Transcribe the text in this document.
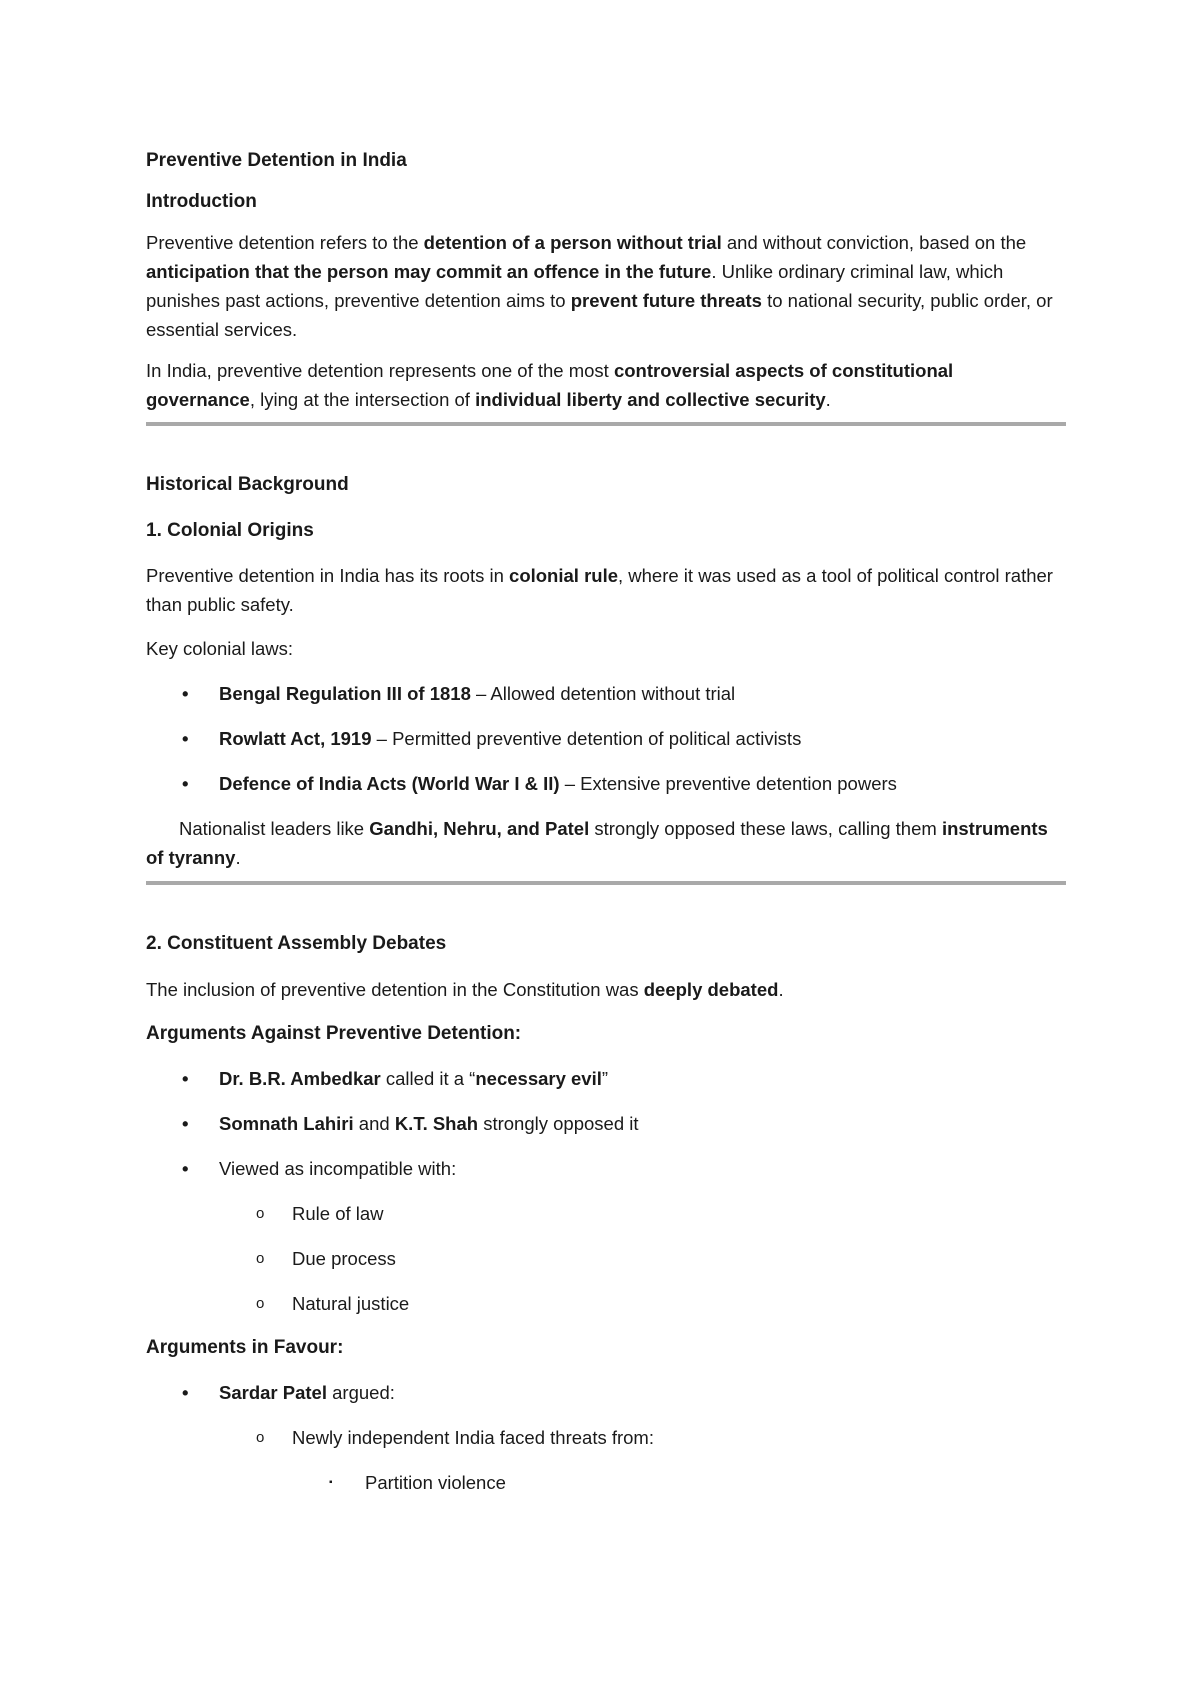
Preventive Detention in India

Introduction

Preventive detention refers to the detention of a person without trial and without conviction, based on the anticipation that the person may commit an offence in the future. Unlike ordinary criminal law, which punishes past actions, preventive detention aims to prevent future threats to national security, public order, or essential services.

In India, preventive detention represents one of the most controversial aspects of constitutional governance, lying at the intersection of individual liberty and collective security.

Historical Background

1. Colonial Origins

Preventive detention in India has its roots in colonial rule, where it was used as a tool of political control rather than public safety.

Key colonial laws:

• Bengal Regulation III of 1818 – Allowed detention without trial
• Rowlatt Act, 1919 – Permitted preventive detention of political activists
• Defence of India Acts (World War I & II) – Extensive preventive detention powers

Nationalist leaders like Gandhi, Nehru, and Patel strongly opposed these laws, calling them instruments of tyranny.

2. Constituent Assembly Debates

The inclusion of preventive detention in the Constitution was deeply debated.

Arguments Against Preventive Detention:

• Dr. B.R. Ambedkar called it a “necessary evil”
• Somnath Lahiri and K.T. Shah strongly opposed it
• Viewed as incompatible with:
o Rule of law
o Due process
o Natural justice

Arguments in Favour:

• Sardar Patel argued:
o Newly independent India faced threats from:
▪ Partition violence
